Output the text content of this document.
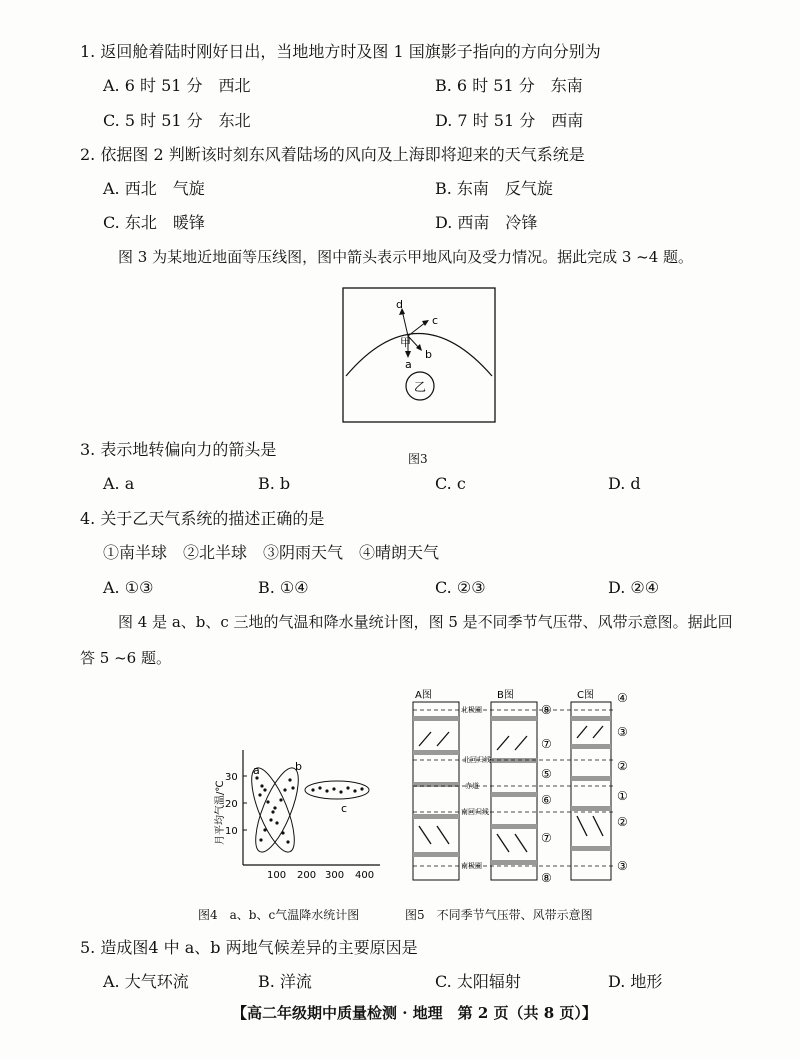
1. 返回舱着陆时刚好日出，当地地方时及图 1 国旗影子指向的方向分别为
A. 6 时 51 分　西北	B. 6 时 51 分　东南
C. 5 时 51 分　东北	D. 7 时 51 分　西南
2. 依据图 2 判断该时刻东风着陆场的风向及上海即将迎来的天气系统是
A. 西北　气旋	B. 东南　反气旋
C. 东北　暖锋	D. 西南　冷锋
图 3 为某地近地面等压线图，图中箭头表示甲地风向及受力情况。据此完成 3 ~4 题。
d
c
甲
b
a
乙
3. 表示地转偏向力的箭头是	图3
A. a	B. b	C. c	D. d
4. 关于乙天气系统的描述正确的是
①南半球　②北半球　③阴雨天气　④晴朗天气
A. ①③	B. ①④	C. ②③	D. ②④
图 4 是 a、b、c 三地的气温和降水量统计图，图 5 是不同季节气压带、风带示意图。据此回
答 5 ~6 题。
月平均气温/℃
30
20
10
100 200 300 400
a	b
c
A图	B图	C图
北极圈
北回归线
赤道
南回归线
南极圈
⑧
⑦
⑤
⑥
⑦
⑧
④
③
②
①
②
③
图4　a、b、c气温降水统计图	图5　不同季节气压带、风带示意图
5. 造成图4 中 a、b 两地气候差异的主要原因是
A. 大气环流	B. 洋流	C. 太阳辐射	D. 地形
【高二年级期中质量检测 · 地理　第 2 页（共 8 页）】
